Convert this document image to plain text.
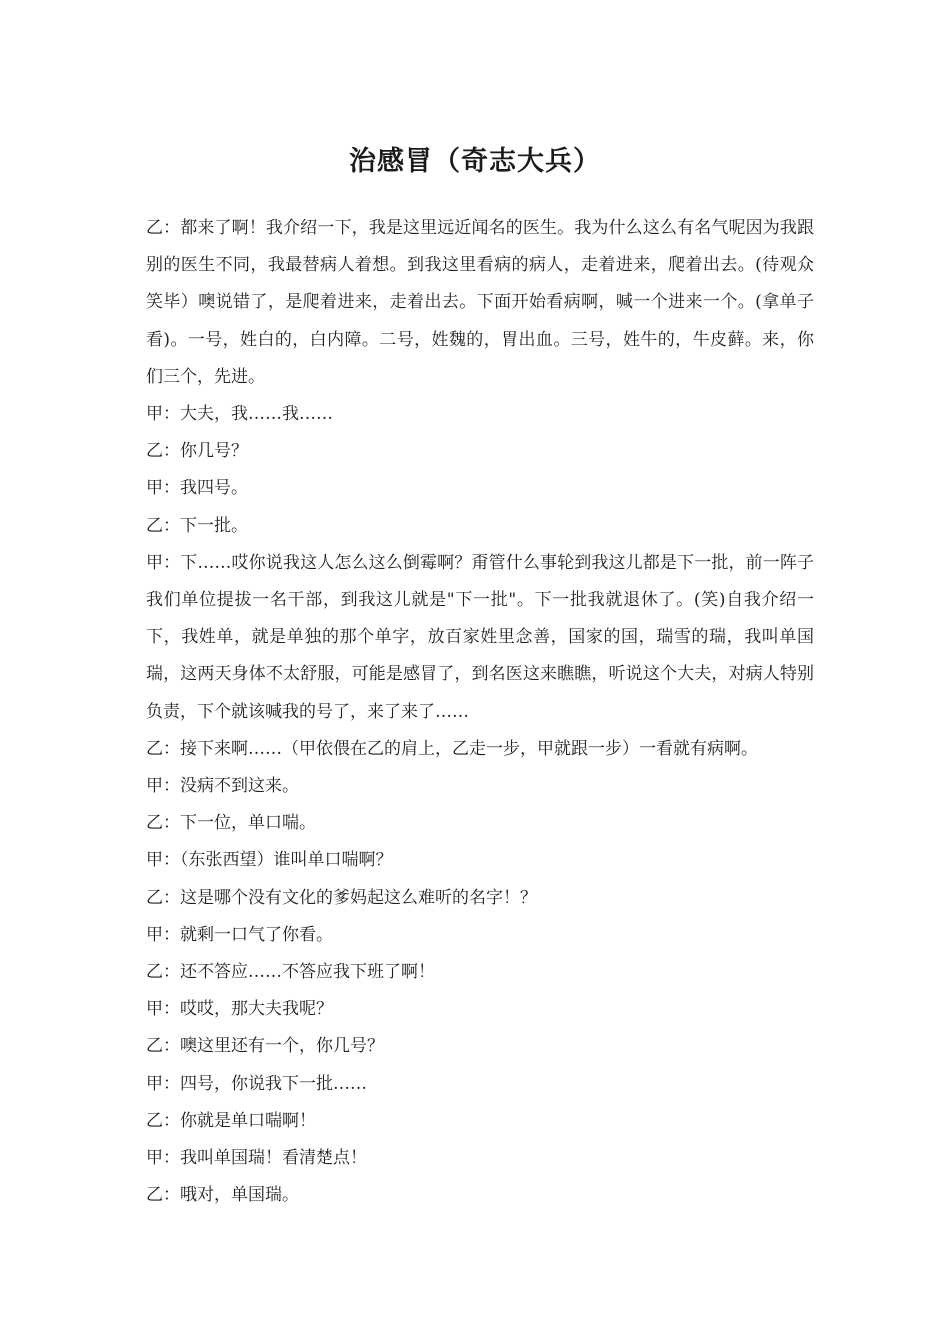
治感冒（奇志大兵）

乙：都来了啊！我介绍一下，我是这里远近闻名的医生。我为什么这么有名气呢因为我跟别的医生不同，我最替病人着想。到我这里看病的病人，走着进来，爬着出去。(待观众笑毕）噢说错了，是爬着进来，走着出去。下面开始看病啊，喊一个进来一个。(拿单子看)。一号，姓白的，白内障。二号，姓魏的，胃出血。三号，姓牛的，牛皮藓。来，你们三个，先进。

甲：大夫，我……我……

乙：你几号？

甲：我四号。

乙：下一批。

甲：下……哎你说我这人怎么这么倒霉啊？甭管什么事轮到我这儿都是下一批，前一阵子我们单位提拔一名干部，到我这儿就是"下一批"。下一批我就退休了。(笑)自我介绍一下，我姓单，就是单独的那个单字，放百家姓里念善，国家的国，瑞雪的瑞，我叫单国瑞，这两天身体不太舒服，可能是感冒了，到名医这来瞧瞧，听说这个大夫，对病人特别负责，下个就该喊我的号了，来了来了……

乙：接下来啊……（甲依偎在乙的肩上，乙走一步，甲就跟一步）一看就有病啊。

甲：没病不到这来。

乙：下一位，单口喘。

甲：（东张西望）谁叫单口喘啊？

乙：这是哪个没有文化的爹妈起这么难听的名字！？

甲：就剩一口气了你看。

乙：还不答应……不答应我下班了啊！

甲：哎哎，那大夫我呢？

乙：噢这里还有一个，你几号？

甲：四号，你说我下一批……

乙：你就是单口喘啊！

甲：我叫单国瑞！看清楚点！

乙：哦对，单国瑞。
